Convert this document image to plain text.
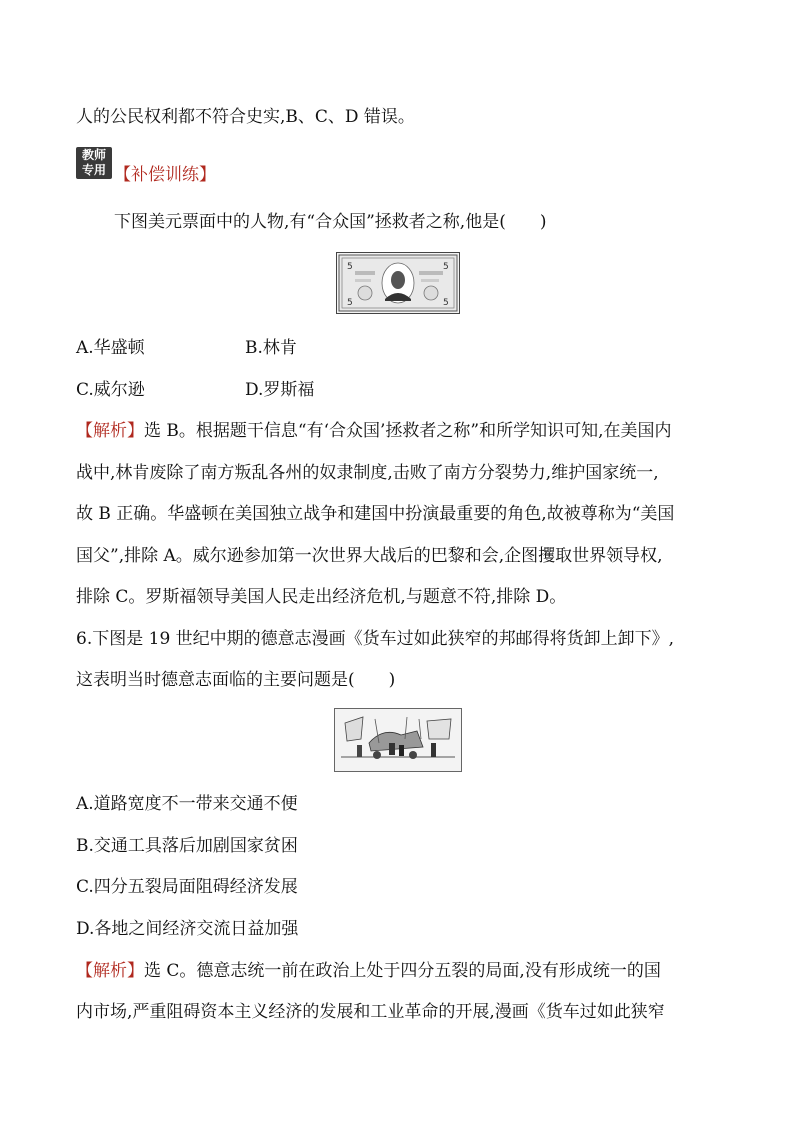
人的公民权利都不符合史实,B、C、D 错误。
教师
专用 【补偿训练】
下图美元票面中的人物,有“合众国”拯救者之称,他是(　　)
5	5
5	5
A.华盛顿	B.林肯
C.威尔逊	D.罗斯福
【解析】选 B。根据题干信息“有‘合众国’拯救者之称”和所学知识可知,在美国内
战中,林肯废除了南方叛乱各州的奴隶制度,击败了南方分裂势力,维护国家统一,
故 B 正确。华盛顿在美国独立战争和建国中扮演最重要的角色,故被尊称为“美国
国父”,排除 A。威尔逊参加第一次世界大战后的巴黎和会,企图攫取世界领导权,
排除 C。罗斯福领导美国人民走出经济危机,与题意不符,排除 D。
6.下图是 19 世纪中期的德意志漫画《货车过如此狭窄的邦邮得将货卸上卸下》,
这表明当时德意志面临的主要问题是(　　)
A.道路宽度不一带来交通不便
B.交通工具落后加剧国家贫困
C.四分五裂局面阻碍经济发展
D.各地之间经济交流日益加强
【解析】选 C。德意志统一前在政治上处于四分五裂的局面,没有形成统一的国
内市场,严重阻碍资本主义经济的发展和工业革命的开展,漫画《货车过如此狭窄
